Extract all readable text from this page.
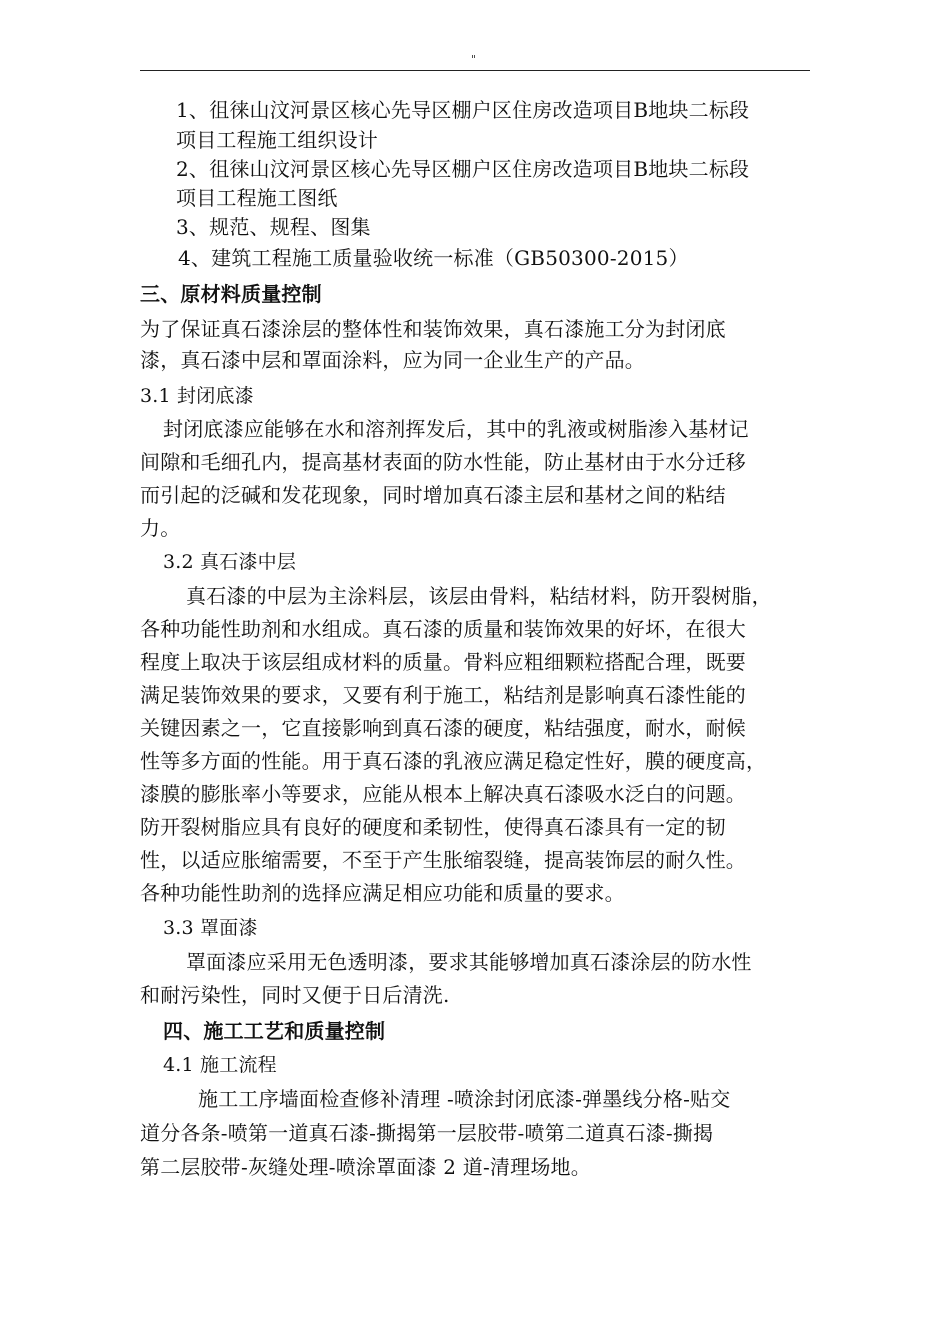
"
1、徂徕山汶河景区核心先导区棚户区住房改造项目B地块二标段
项目工程施工组织设计
2、徂徕山汶河景区核心先导区棚户区住房改造项目B地块二标段
项目工程施工图纸
3、规范、规程、图集
4、建筑工程施工质量验收统一标准（GB50300-2015）
三、原材料质量控制
为了保证真石漆涂层的整体性和装饰效果，真石漆施工分为封闭底
漆，真石漆中层和罩面涂料，应为同一企业生产的产品。
3.1 封闭底漆
封闭底漆应能够在水和溶剂挥发后，其中的乳液或树脂渗入基材记
间隙和毛细孔内，提高基材表面的防水性能，防止基材由于水分迁移
而引起的泛碱和发花现象，同时增加真石漆主层和基材之间的粘结
力。
3.2 真石漆中层
真石漆的中层为主涂料层，该层由骨料，粘结材料，防开裂树脂，
各种功能性助剂和水组成。真石漆的质量和装饰效果的好坏，在很大
程度上取决于该层组成材料的质量。骨料应粗细颗粒搭配合理，既要
满足装饰效果的要求，又要有利于施工，粘结剂是影响真石漆性能的
关键因素之一，它直接影响到真石漆的硬度，粘结强度，耐水，耐候
性等多方面的性能。用于真石漆的乳液应满足稳定性好，膜的硬度高，
漆膜的膨胀率小等要求，应能从根本上解决真石漆吸水泛白的问题。
防开裂树脂应具有良好的硬度和柔韧性，使得真石漆具有一定的韧
性，以适应胀缩需要，不至于产生胀缩裂缝，提高装饰层的耐久性。
各种功能性助剂的选择应满足相应功能和质量的要求。
3.3 罩面漆
罩面漆应采用无色透明漆，要求其能够增加真石漆涂层的防水性
和耐污染性，同时又便于日后清洗.
四、施工工艺和质量控制
4.1 施工流程
施工工序墙面检查修补清理 -喷涂封闭底漆-弹墨线分格-贴交
道分各条-喷第一道真石漆-撕揭第一层胶带-喷第二道真石漆-撕揭
第二层胶带-灰缝处理-喷涂罩面漆 2 道-清理场地。
